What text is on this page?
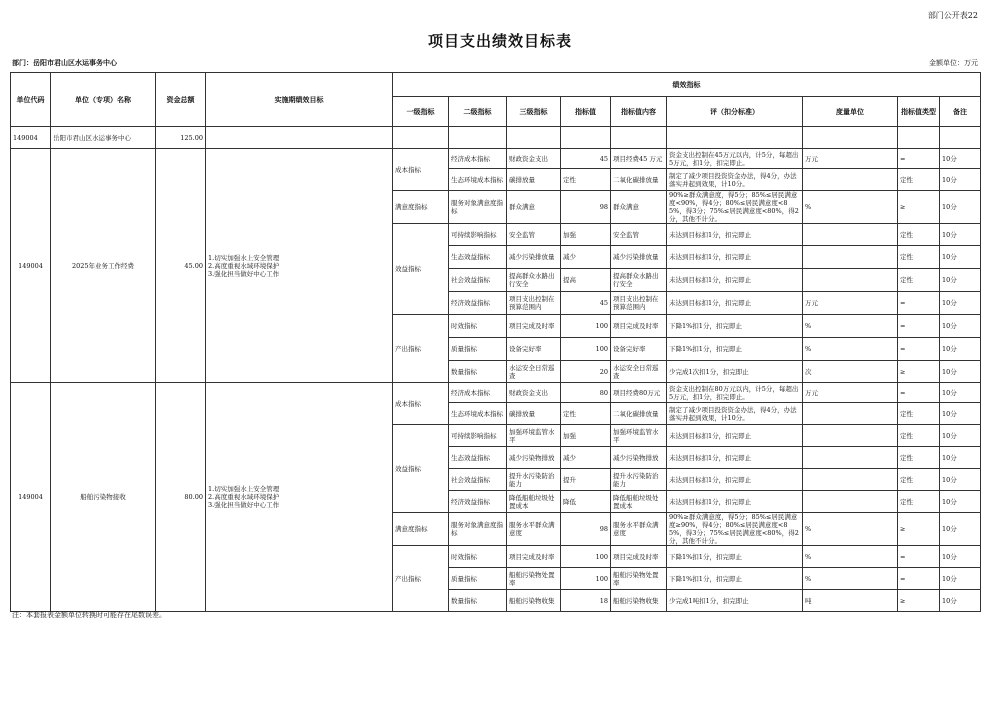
部门公开表22
项目支出绩效目标表
部门：岳阳市君山区水运事务中心	金额单位：万元
单位代码	单位（专项）名称	资金总额	实施期绩效目标	绩效指标								
				一级指标	二级指标	三级指标	指标值	指标值内容	评（扣分标准）	度量单位	指标值类型	备注
149004	岳阳市君山区水运事务中心	125.00										
149004	2025年业务工作经费	45.00	1.切实加强水上安全管理
2.高度重视水域环境保护
3.强化担当做好中心工作	成本指标	经济成本指标	财政资金支出	45	项目经费45 万元	资金支出控制在45万元以内，计5分，每超出5万元，扣1分，扣完即止。	万元	=	10分
					生态环境成本指标	碳排放量	定性	二氧化碳排放量	制定了减少项目投资资金办法，得4分，办法落实并起到效果，计10分。		定性	10分
				满意度指标	服务对象满意度指标	群众满意	98	群众满意	90%≥群众满意度，得5分；85%≤居民满意度<90%，得4分；80%≤居民满意度<85%，得3分；75%≤居民满意度<80%，得2分，其他不计分。	%	≥	10分
				效益指标	可持续影响指标	安全监管	加强	安全监管	未达到目标扣1分，扣完即止		定性	10分
					生态效益指标	减少污染排放量	减少	减少污染排放量	未达到目标扣1分，扣完即止		定性	10分
					社会效益指标	提高群众水路出行安全	提高	提高群众水路出行安全	未达到目标扣1分，扣完即止		定性	10分
					经济效益指标	项目支出控制在预算范围内	45	项目支出控制在预算范围内	未达到目标扣1分，扣完即止	万元	=	10分
				产出指标	时效指标	项目完成及时率	100	项目完成及时率	下降1%扣1分，扣完即止	%	=	10分
					质量指标	设备完好率	100	设备完好率	下降1%扣1分，扣完即止	%	=	10分
					数量指标	水运安全日常巡查	20	水运安全日常巡查	少完成1次扣1分，扣完即止	次	≥	10分
149004	船舶污染物接收	80.00	1.切实加强水上安全管理
2.高度重视水域环境保护
3.强化担当做好中心工作	成本指标	经济成本指标	财政资金支出	80	项目经费80万元	资金支出控制在80万元以内，计5分，每超出5万元，扣1分，扣完即止。	万元	=	10分
					生态环境成本指标	碳排放量	定性	二氧化碳排放量	制定了减少项目投资资金办法，得4分，办法落实并起到效果，计10分。		定性	10分
				效益指标	可持续影响指标	加强环境监管水平	加强	加强环境监管水平	未达到目标扣1分，扣完即止		定性	10分
					生态效益指标	减少污染物排放	减少	减少污染物排放	未达到目标扣1分，扣完即止		定性	10分
					社会效益指标	提升水污染防治能力	提升	提升水污染防治能力	未达到目标扣1分，扣完即止		定性	10分
					经济效益指标	降低船舶垃圾处置成本	降低	降低船舶垃圾处置成本	未达到目标扣1分，扣完即止		定性	10分
				满意度指标	服务对象满意度指标	服务水平群众满意度	98	服务水平群众满意度	90%≥群众满意度，得5分；85%≤居民满意度≥90%，得4分；80%≤居民满意度<85%，得3分；75%≤居民满意度<80%，得2分，其他不计分。	%	≥	10分
				产出指标	时效指标	项目完成及时率	100	项目完成及时率	下降1%扣1分，扣完即止	%	=	10分
					质量指标	船舶污染物处置率	100	船舶污染物处置率	下降1%扣1分，扣完即止	%	=	10分
					数量指标	船舶污染物收集	18	船舶污染物收集	少完成1吨扣1分，扣完即止	吨	≥	10分
注：本套报表金额单位转换时可能存在尾数误差。
